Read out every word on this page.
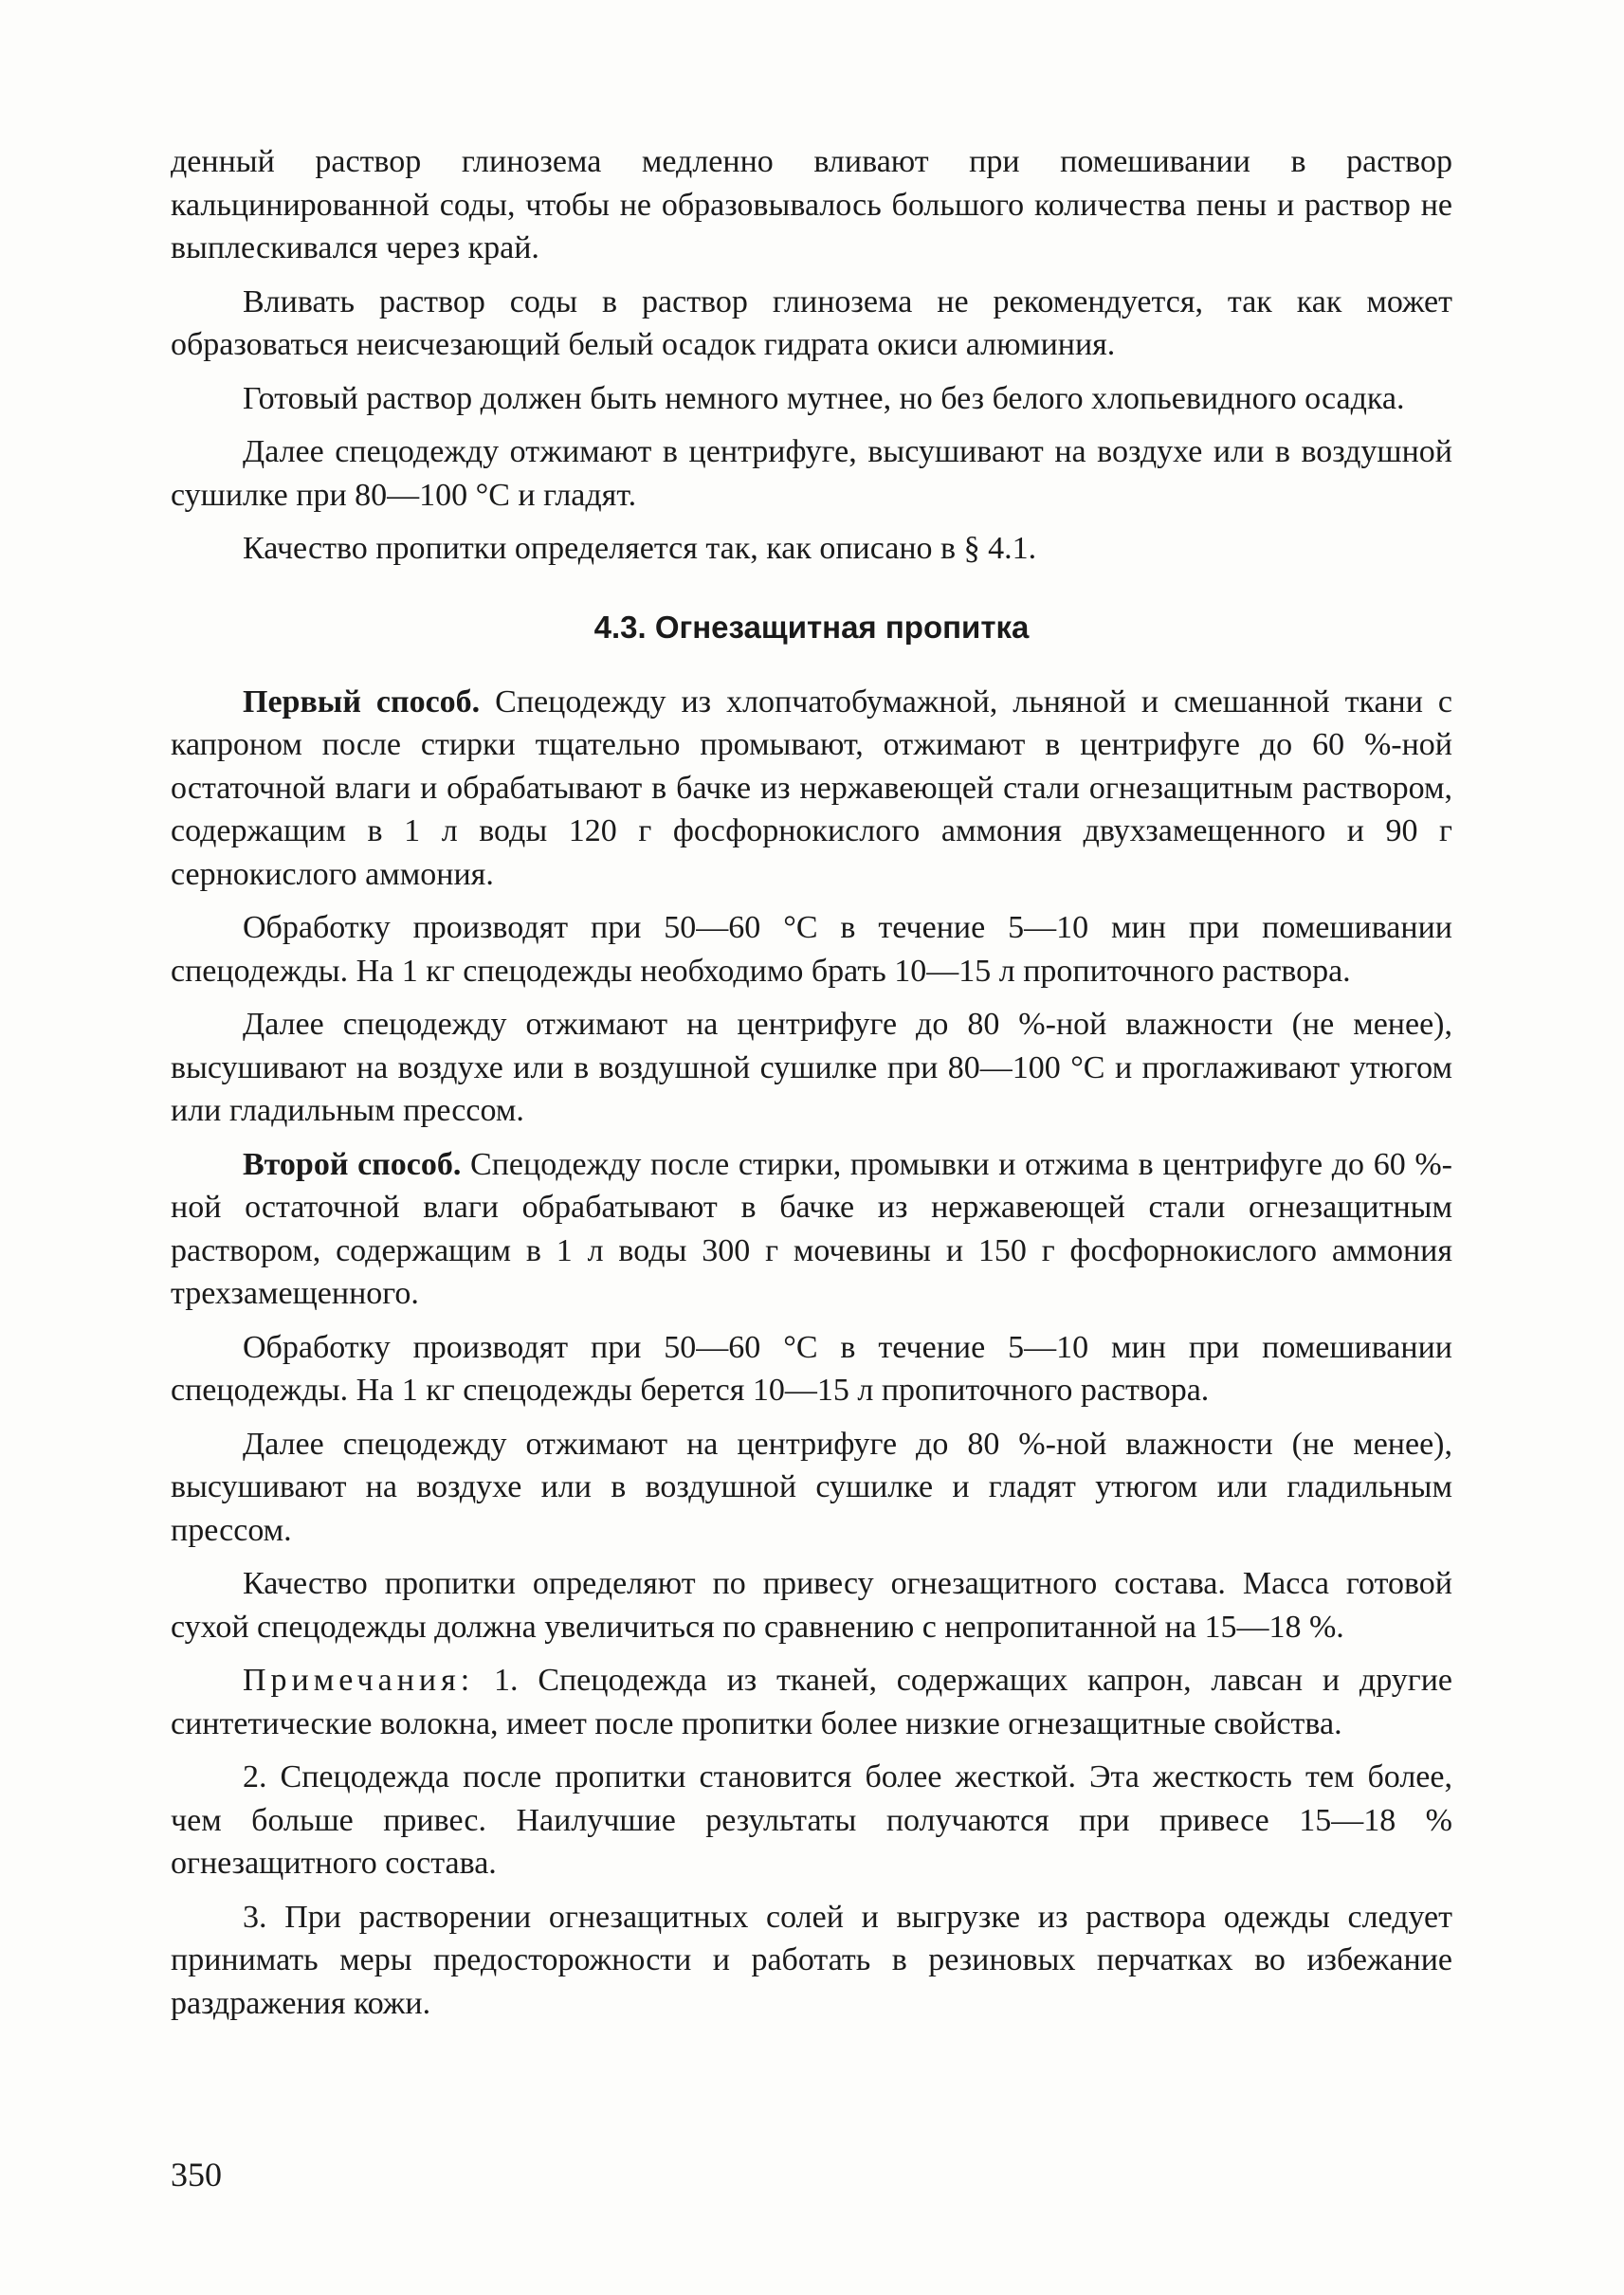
денный раствор глинозема медленно вливают при помешивании в раствор кальцинированной соды, чтобы не образовывалось большого количества пены и раствор не выплескивался через край.

Вливать раствор соды в раствор глинозема не рекомендуется, так как может образоваться неисчезающий белый осадок гидрата окиси алюминия.

Готовый раствор должен быть немного мутнее, но без белого хлопьевидного осадка.

Далее спецодежду отжимают в центрифуге, высушивают на воздухе или в воздушной сушилке при 80—100 °С и гладят.

Качество пропитки определяется так, как описано в § 4.1.

4.3. Огнезащитная пропитка

Первый способ. Спецодежду из хлопчатобумажной, льняной и смешанной ткани с капроном после стирки тщательно промывают, отжимают в центрифуге до 60 %-ной остаточной влаги и обрабатывают в бачке из нержавеющей стали огнезащитным раствором, содержащим в 1 л воды 120 г фосфорнокислого аммония двухзамещенного и 90 г сернокислого аммония.

Обработку производят при 50—60 °С в течение 5—10 мин при помешивании спецодежды. На 1 кг спецодежды необходимо брать 10—15 л пропиточного раствора.

Далее спецодежду отжимают на центрифуге до 80 %-ной влажности (не менее), высушивают на воздухе или в воздушной сушилке при 80—100 °С и проглаживают утюгом или гладильным прессом.

Второй способ. Спецодежду после стирки, промывки и отжима в центрифуге до 60 %-ной остаточной влаги обрабатывают в бачке из нержавеющей стали огнезащитным раствором, содержащим в 1 л воды 300 г мочевины и 150 г фосфорнокислого аммония трехзамещенного.

Обработку производят при 50—60 °С в течение 5—10 мин при помешивании спецодежды. На 1 кг спецодежды берется 10—15 л пропиточного раствора.

Далее спецодежду отжимают на центрифуге до 80 %-ной влажности (не менее), высушивают на воздухе или в воздушной сушилке и гладят утюгом или гладильным прессом.

Качество пропитки определяют по привесу огнезащитного состава. Масса готовой сухой спецодежды должна увеличиться по сравнению с непропитанной на 15—18 %.

Примечания: 1. Спецодежда из тканей, содержащих капрон, лавсан и другие синтетические волокна, имеет после пропитки более низкие огнезащитные свойства.

2. Спецодежда после пропитки становится более жесткой. Эта жесткость тем более, чем больше привес. Наилучшие результаты получаются при привесе 15—18 % огнезащитного состава.

3. При растворении огнезащитных солей и выгрузке из раствора одежды следует принимать меры предосторожности и работать в резиновых перчатках во избежание раздражения кожи.

350
